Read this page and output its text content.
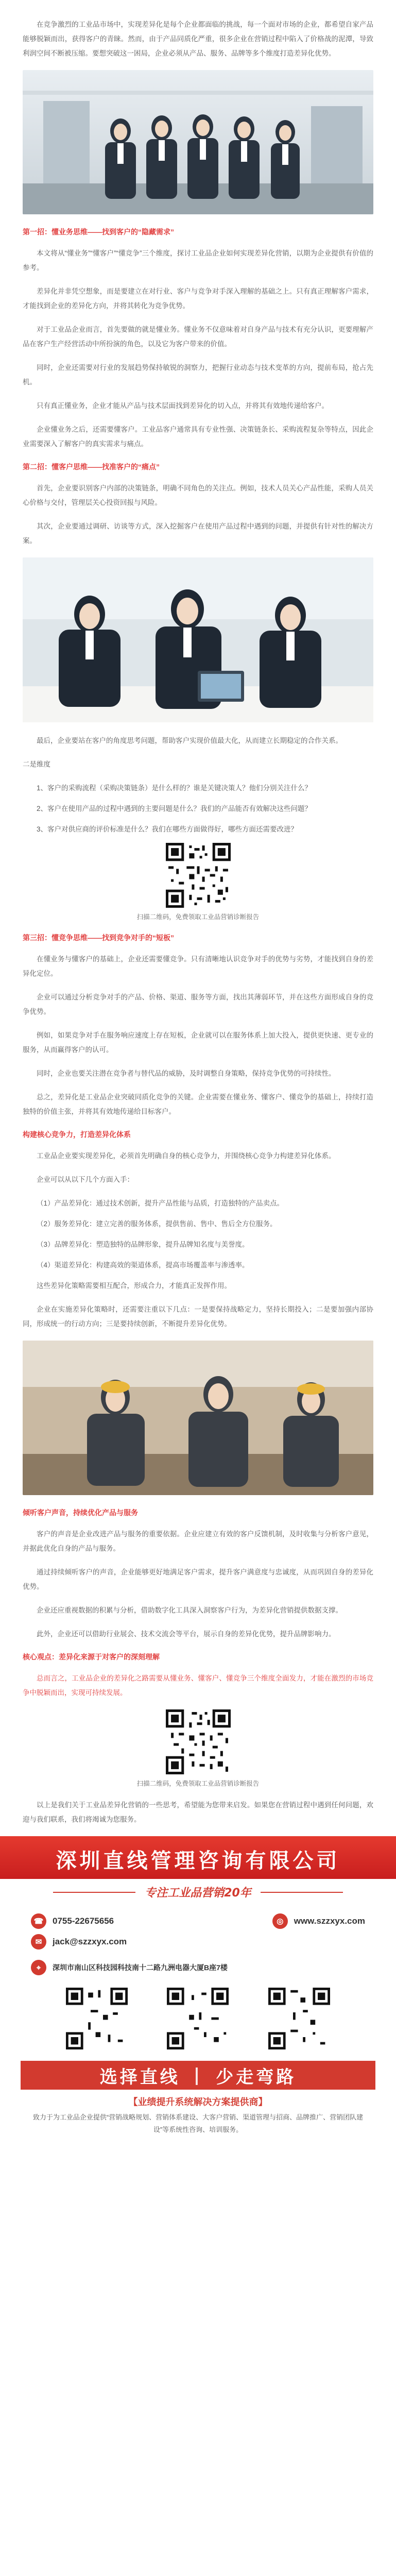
在竞争激烈的工业品市场中，实现差异化是每个企业都面临的挑战，每一个面对市场的企业，都希望自家产品能够脱颖而出，获得客户的青睐。然而，由于产品同质化严重，很多企业在营销过程中陷入了价格战的泥潭，导致利润空间不断被压缩。要想突破这一困局，企业必须从产品、服务、品牌等多个维度打造差异化优势。

第一招：懂业务思维——找到客户的“隐藏需求”

本文将从“懂业务”“懂客户”“懂竞争”三个维度，探讨工业品企业如何实现差异化营销，以期为企业提供有价值的参考。

差异化并非凭空想象，而是要建立在对行业、客户与竞争对手深入理解的基础之上。只有真正理解客户需求，才能找到企业的差异化方向，并将其转化为竞争优势。

对于工业品企业而言，首先要做的就是懂业务。懂业务不仅意味着对自身产品与技术有充分认识，更要理解产品在客户生产经营活动中所扮演的角色，以及它为客户带来的价值。

同时，企业还需要对行业的发展趋势保持敏锐的洞察力，把握行业动态与技术变革的方向，提前布局，抢占先机。

只有真正懂业务，企业才能从产品与技术层面找到差异化的切入点，并将其有效地传递给客户。

企业懂业务之后，还需要懂客户。工业品客户通常具有专业性强、决策链条长、采购流程复杂等特点，因此企业需要深入了解客户的真实需求与痛点。

第二招：懂客户思维——找准客户的“痛点”

首先，企业要识别客户内部的决策链条，明确不同角色的关注点。例如，技术人员关心产品性能，采购人员关心价格与交付，管理层关心投资回报与风险。

其次，企业要通过调研、访谈等方式，深入挖掘客户在使用产品过程中遇到的问题，并提供有针对性的解决方案。

最后，企业要站在客户的角度思考问题，帮助客户实现价值最大化，从而建立长期稳定的合作关系。

二是维度

1、客户的采购流程（采购决策链条）是什么样的？谁是关键决策人？他们分别关注什么？

2、客户在使用产品的过程中遇到的主要问题是什么？我们的产品能否有效解决这些问题？

3、客户对供应商的评价标准是什么？我们在哪些方面做得好，哪些方面还需要改进？

扫描二维码，免费领取工业品营销诊断报告

第三招：懂竞争思维——找到竞争对手的“短板”

在懂业务与懂客户的基础上，企业还需要懂竞争。只有清晰地认识竞争对手的优势与劣势，才能找到自身的差异化定位。

企业可以通过分析竞争对手的产品、价格、渠道、服务等方面，找出其薄弱环节，并在这些方面形成自身的竞争优势。

例如，如果竞争对手在服务响应速度上存在短板，企业就可以在服务体系上加大投入，提供更快速、更专业的服务，从而赢得客户的认可。

同时，企业也要关注潜在竞争者与替代品的威胁，及时调整自身策略，保持竞争优势的可持续性。

总之，差异化是工业品企业突破同质化竞争的关键。企业需要在懂业务、懂客户、懂竞争的基础上，持续打造独特的价值主张，并将其有效地传递给目标客户。

构建核心竞争力，打造差异化体系

工业品企业要实现差异化，必须首先明确自身的核心竞争力，并围绕核心竞争力构建差异化体系。

企业可以从以下几个方面入手：

（1）产品差异化：通过技术创新，提升产品性能与品质，打造独特的产品卖点。

（2）服务差异化：建立完善的服务体系，提供售前、售中、售后全方位服务。

（3）品牌差异化：塑造独特的品牌形象，提升品牌知名度与美誉度。

（4）渠道差异化：构建高效的渠道体系，提高市场覆盖率与渗透率。

这些差异化策略需要相互配合，形成合力，才能真正发挥作用。

企业在实施差异化策略时，还需要注重以下几点：一是要保持战略定力，坚持长期投入；二是要加强内部协同，形成统一的行动方向；三是要持续创新，不断提升差异化优势。

倾听客户声音，持续优化产品与服务

客户的声音是企业改进产品与服务的重要依据。企业应建立有效的客户反馈机制，及时收集与分析客户意见，并据此优化自身的产品与服务。

通过持续倾听客户的声音，企业能够更好地满足客户需求，提升客户满意度与忠诚度，从而巩固自身的差异化优势。

企业还应重视数据的积累与分析，借助数字化工具深入洞察客户行为，为差异化营销提供数据支撑。

此外，企业还可以借助行业展会、技术交流会等平台，展示自身的差异化优势，提升品牌影响力。

核心观点：差异化来源于对客户的深刻理解

总而言之，工业品企业的差异化之路需要从懂业务、懂客户、懂竞争三个维度全面发力，才能在激烈的市场竞争中脱颖而出，实现可持续发展。

扫描二维码，免费领取工业品营销诊断报告

以上是我们关于工业品差异化营销的一些思考，希望能为您带来启发。如果您在营销过程中遇到任何问题，欢迎与我们联系，我们将竭诚为您服务。

深圳直线管理咨询有限公司
专注工业品营销20年
☎	0755-22675656	◎	www.szzxyx.com
✉	jack@szzxyx.com
⌖	深圳市南山区科技园科技南十二路九洲电器大厦B座7楼
选择直线 | 少走弯路
【业绩提升系统解决方案提供商】
致力于为工业品企业提供“营销战略规划、营销体系建设、大客户营销、渠道管理与招商、品牌推广、营销团队建设”等系统性咨询、培训服务。
